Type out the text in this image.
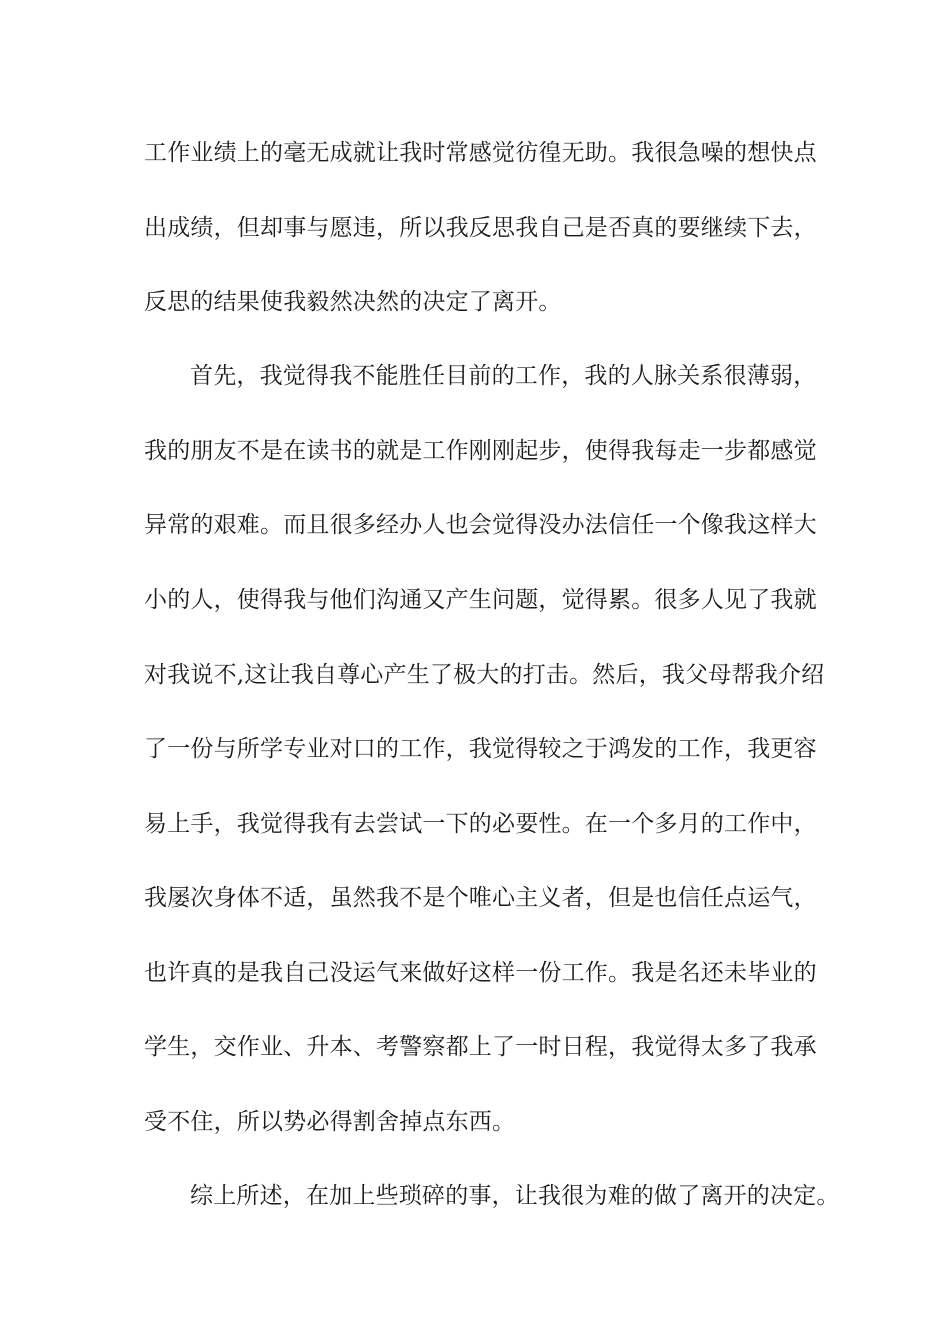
工作业绩上的毫无成就让我时常感觉彷徨无助。我很急噪的想快点
出成绩，但却事与愿违，所以我反思我自己是否真的要继续下去，
反思的结果使我毅然决然的决定了离开。
首先，我觉得我不能胜任目前的工作，我的人脉关系很薄弱，
我的朋友不是在读书的就是工作刚刚起步，使得我每走一步都感觉
异常的艰难。而且很多经办人也会觉得没办法信任一个像我这样大
小的人，使得我与他们沟通又产生问题，觉得累。很多人见了我就
对我说不,这让我自尊心产生了极大的打击。然后，我父母帮我介绍
了一份与所学专业对口的工作，我觉得较之于鸿发的工作，我更容
易上手，我觉得我有去尝试一下的必要性。在一个多月的工作中，
我屡次身体不适，虽然我不是个唯心主义者，但是也信任点运气，
也许真的是我自己没运气来做好这样一份工作。我是名还未毕业的
学生，交作业、升本、考警察都上了一时日程，我觉得太多了我承
受不住，所以势必得割舍掉点东西。
综上所述，在加上些琐碎的事，让我很为难的做了离开的决定。
